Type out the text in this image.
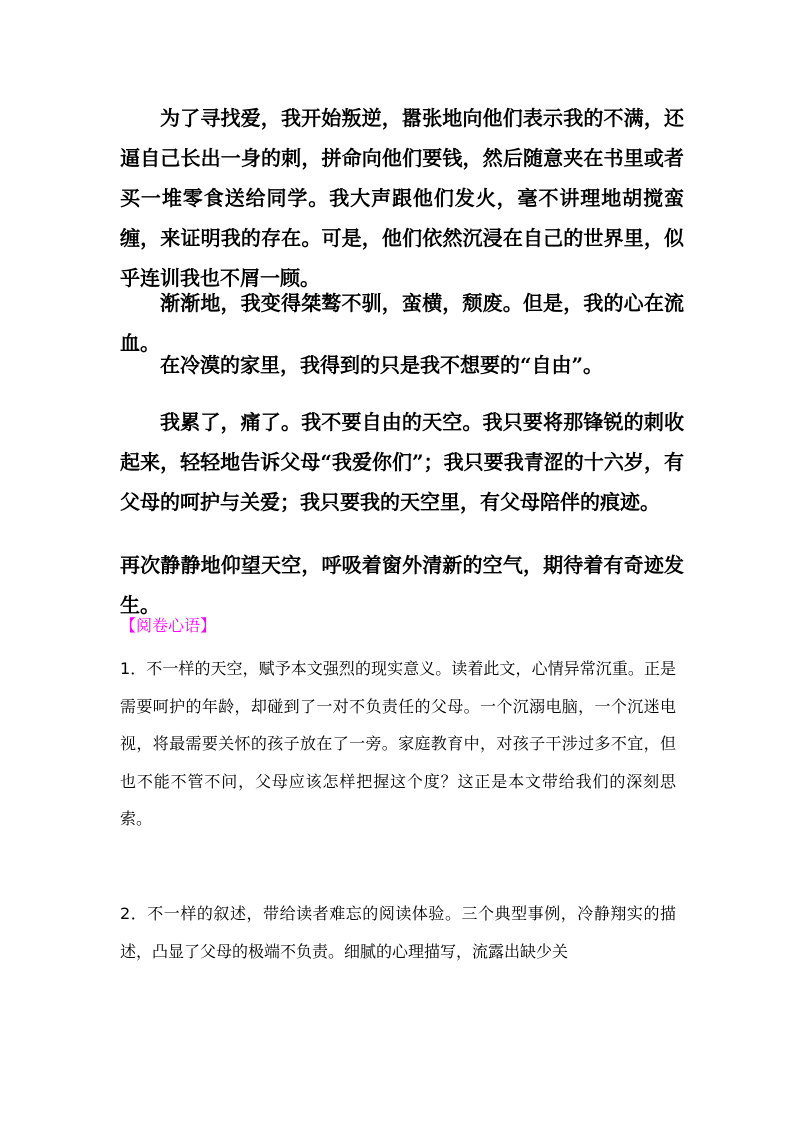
为了寻找爱，我开始叛逆，嚣张地向他们表示我的不满，还逼自己长出一身的刺，拼命向他们要钱，然后随意夹在书里或者买一堆零食送给同学。我大声跟他们发火，毫不讲理地胡搅蛮缠，来证明我的存在。可是，他们依然沉浸在自己的世界里，似乎连训我也不屑一顾。

渐渐地，我变得桀骜不驯，蛮横，颓废。但是，我的心在流血。

在冷漠的家里，我得到的只是我不想要的“自由”。

我累了，痛了。我不要自由的天空。我只要将那锋锐的刺收起来，轻轻地告诉父母“我爱你们”；我只要我青涩的十六岁，有父母的呵护与关爱；我只要我的天空里，有父母陪伴的痕迹。

再次静静地仰望天空，呼吸着窗外清新的空气，期待着有奇迹发生。

【阅卷心语】

1．不一样的天空，赋予本文强烈的现实意义。读着此文，心情异常沉重。正是需要呵护的年龄，却碰到了一对不负责任的父母。一个沉溺电脑，一个沉迷电视，将最需要关怀的孩子放在了一旁。家庭教育中，对孩子干涉过多不宜，但也不能不管不问，父母应该怎样把握这个度？这正是本文带给我们的深刻思索。

2．不一样的叙述，带给读者难忘的阅读体验。三个典型事例，冷静翔实的描述，凸显了父母的极端不负责。细腻的心理描写，流露出缺少关
